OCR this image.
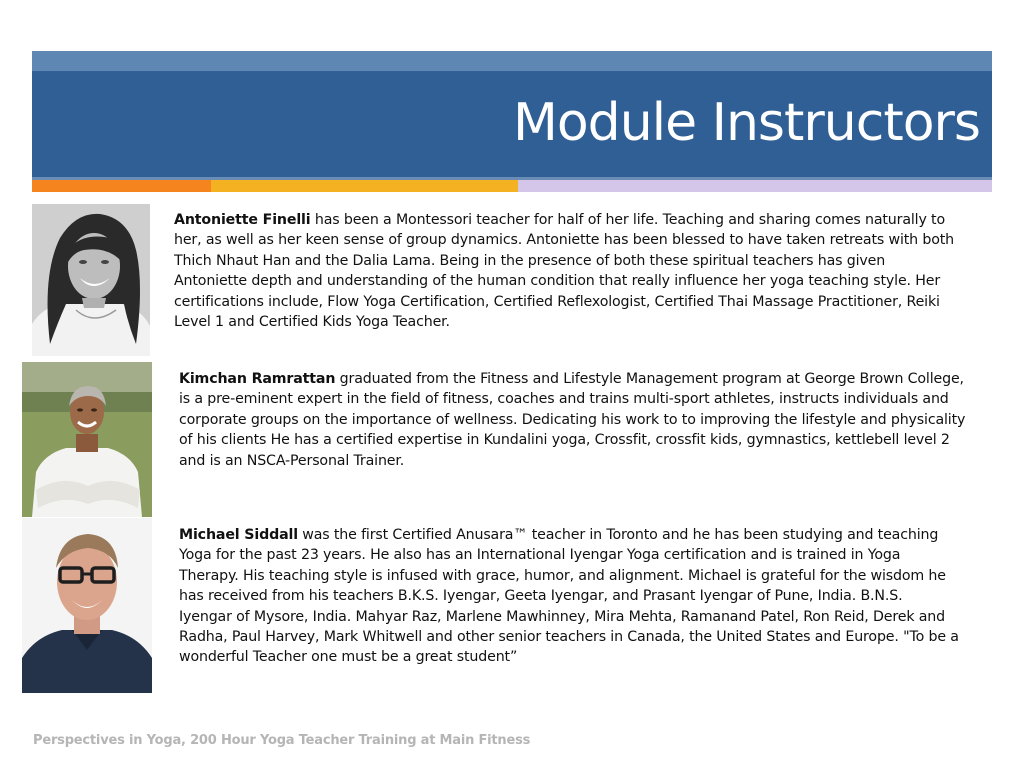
Module Instructors

Antoniette Finelli has been a Montessori teacher for half of her life. Teaching and sharing comes naturally to her, as well as her keen sense of group dynamics. Antoniette has been blessed to have taken retreats with both Thich Nhaut Han and the Dalia Lama. Being in the presence of both these spiritual teachers has given Antoniette depth and understanding of the human condition that really influence her yoga teaching style. Her certifications include, Flow Yoga Certification, Certified Reflexologist, Certified Thai Massage Practitioner, Reiki Level 1 and Certified Kids Yoga Teacher.

Kimchan Ramrattan graduated from the Fitness and Lifestyle Management program at George Brown College, is a pre-eminent expert in the field of fitness, coaches and trains multi-sport athletes, instructs individuals and corporate groups on the importance of wellness. Dedicating his work to to improving the lifestyle and physicality of his clients He has a certified expertise in Kundalini yoga, Crossfit, crossfit kids, gymnastics, kettlebell level 2 and is an NSCA-Personal Trainer.

Michael Siddall was the first Certified Anusara™ teacher in Toronto and he has been studying and teaching Yoga for the past 23 years. He also has an International Iyengar Yoga certification and is trained in Yoga Therapy. His teaching style is infused with grace, humor, and alignment. Michael is grateful for the wisdom he has received from his teachers B.K.S. Iyengar, Geeta Iyengar, and Prasant Iyengar of Pune, India. B.N.S. Iyengar of Mysore, India. Mahyar Raz, Marlene Mawhinney, Mira Mehta, Ramanand Patel, Ron Reid, Derek and Radha, Paul Harvey, Mark Whitwell and other senior teachers in Canada, the United States and Europe. "To be a wonderful Teacher one must be a great student”

Perspectives in Yoga, 200 Hour Yoga Teacher Training at Main Fitness
